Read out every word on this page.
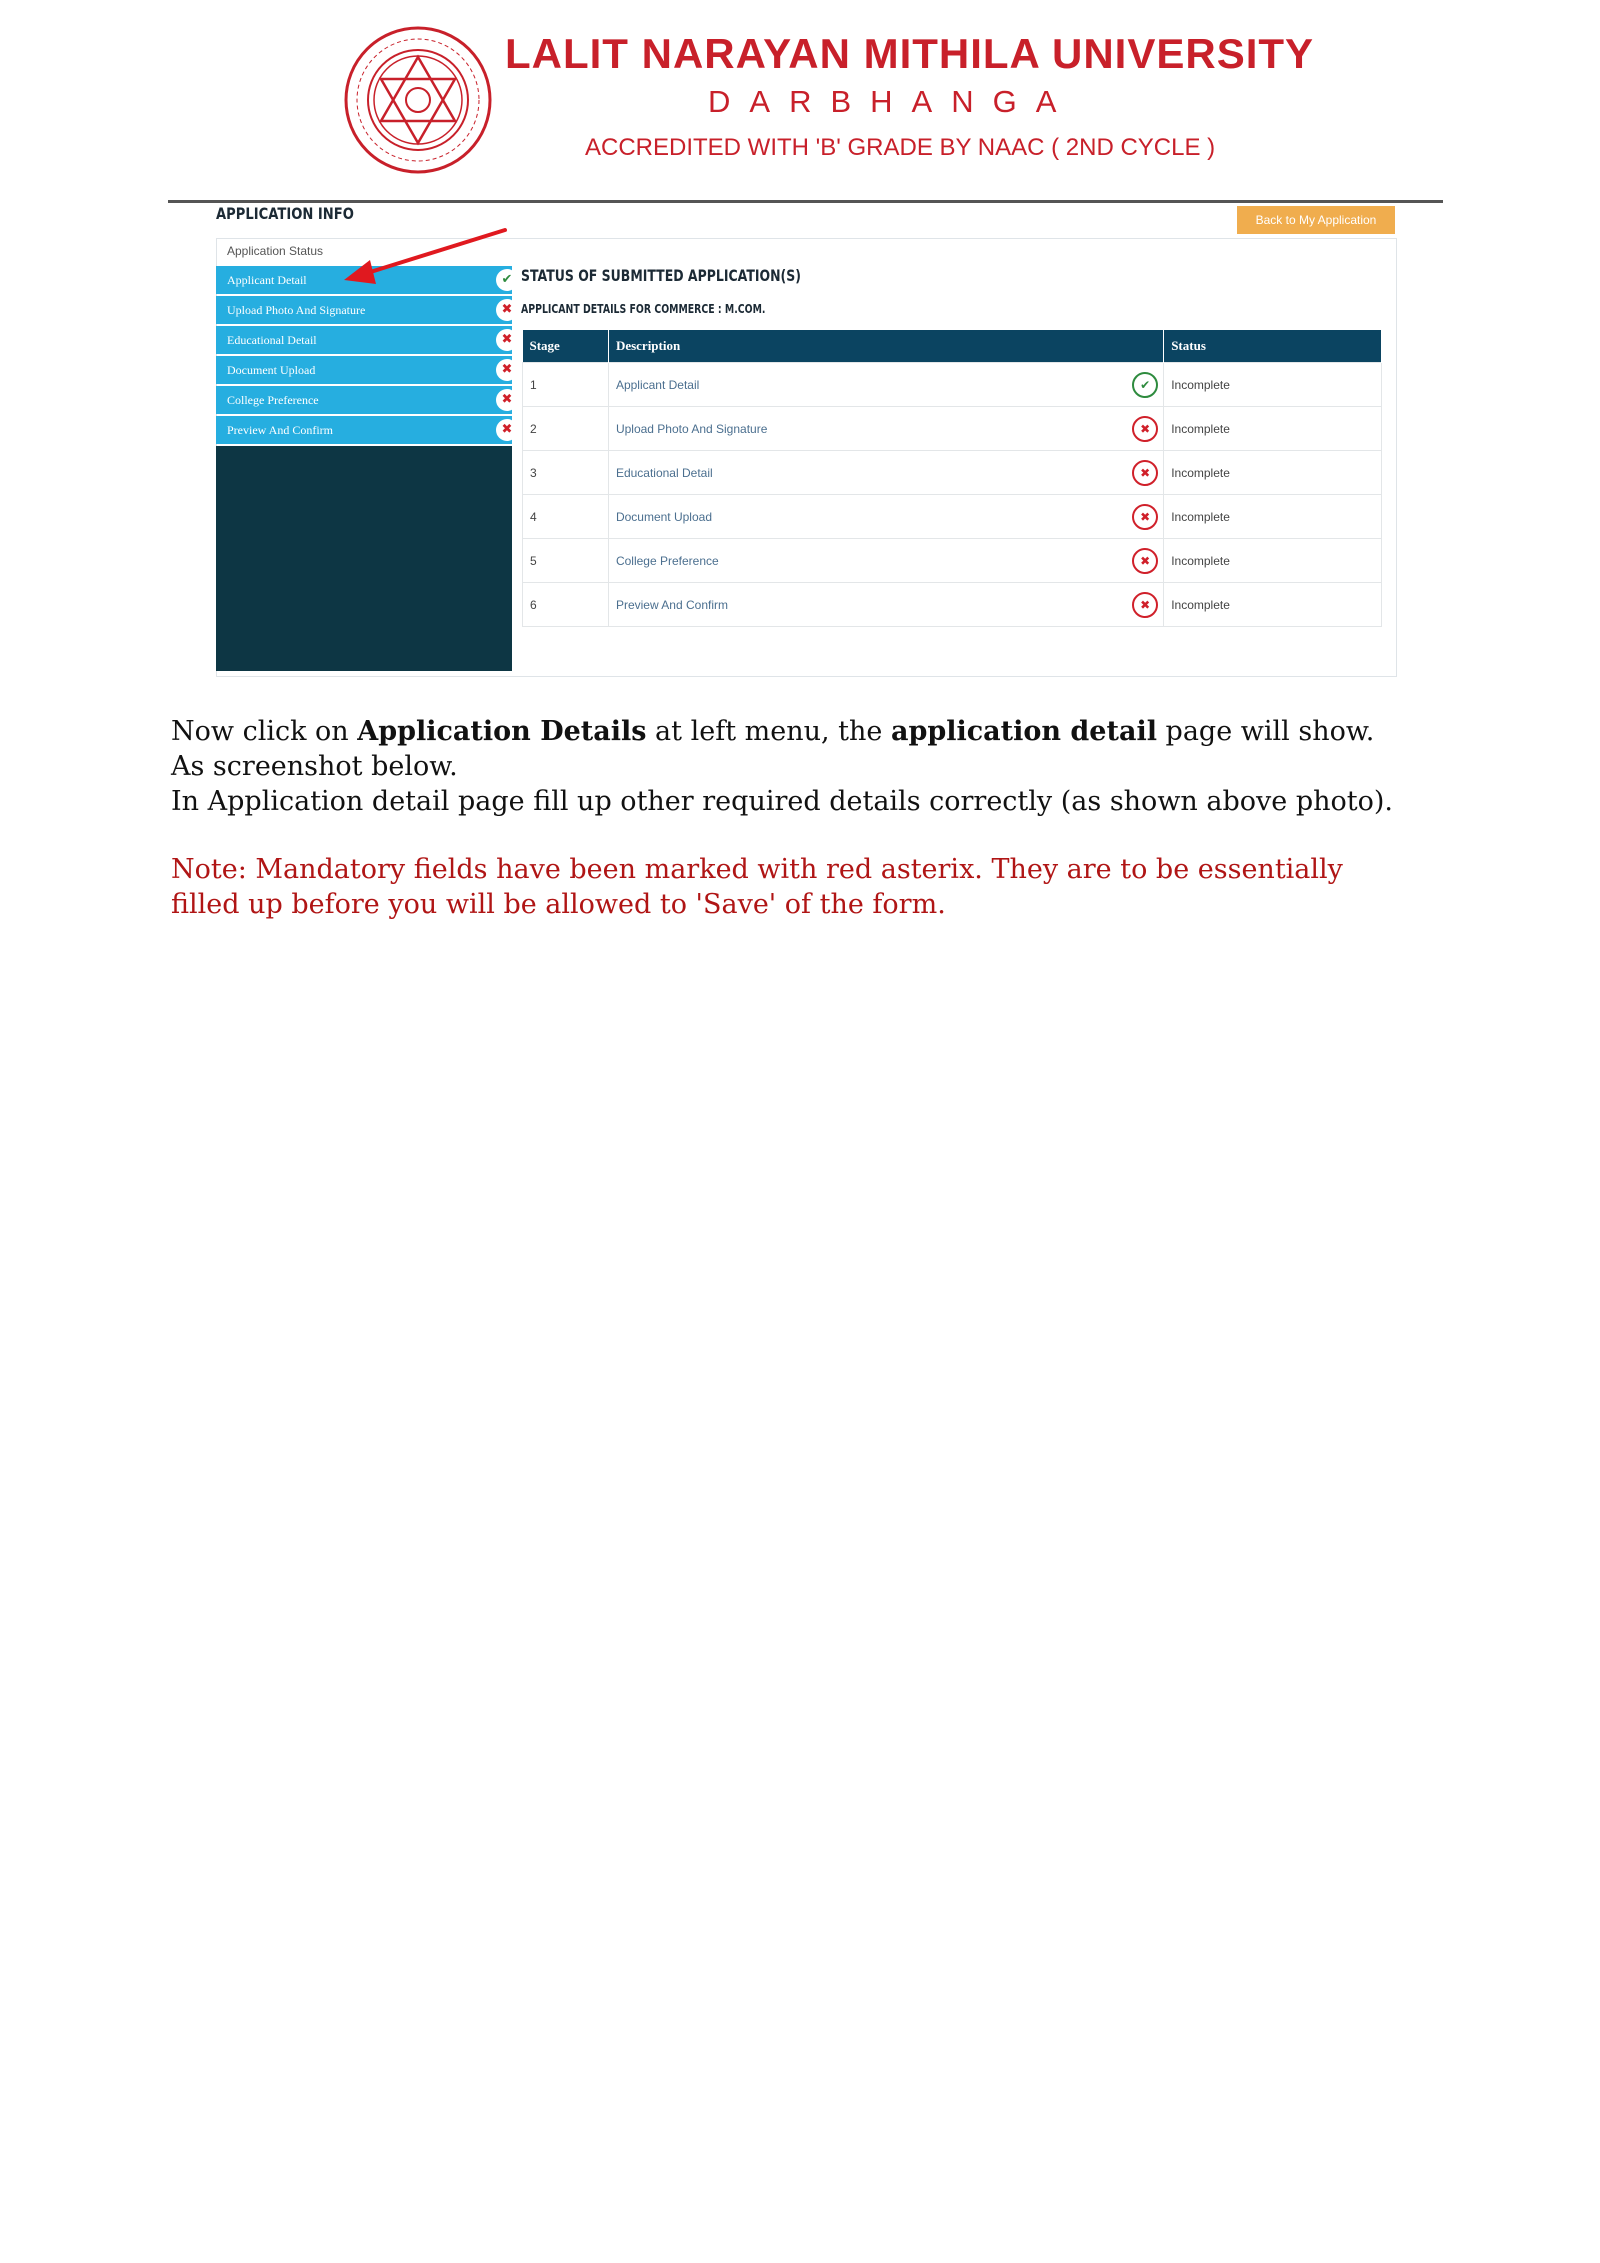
LALIT NARAYAN MITHILA UNIVERSITY
DARBHANGA
ACCREDITED WITH 'B' GRADE BY NAAC ( 2ND CYCLE )
APPLICATION INFO	Back to My Application
Application Status
Applicant Detail	✔
Upload Photo And Signature	✖
Educational Detail	✖
Document Upload	✖
College Preference	✖
Preview And Confirm	✖
STATUS OF SUBMITTED APPLICATION(S)
APPLICANT DETAILS FOR COMMERCE : M.COM.
Stage	Description	Status
1	Applicant Detail ✔	Incomplete
2	Upload Photo And Signature ✖	Incomplete
3	Educational Detail ✖	Incomplete
4	Document Upload ✖	Incomplete
5	College Preference ✖	Incomplete
6	Preview And Confirm ✖	Incomplete
Now click on Application Details at left menu, the application detail page will show. As screenshot below.
In Application detail page fill up other required details correctly (as shown above photo).
Note: Mandatory fields have been marked with red asterix. They are to be essentially filled up before you will be allowed to 'Save' of the form.
